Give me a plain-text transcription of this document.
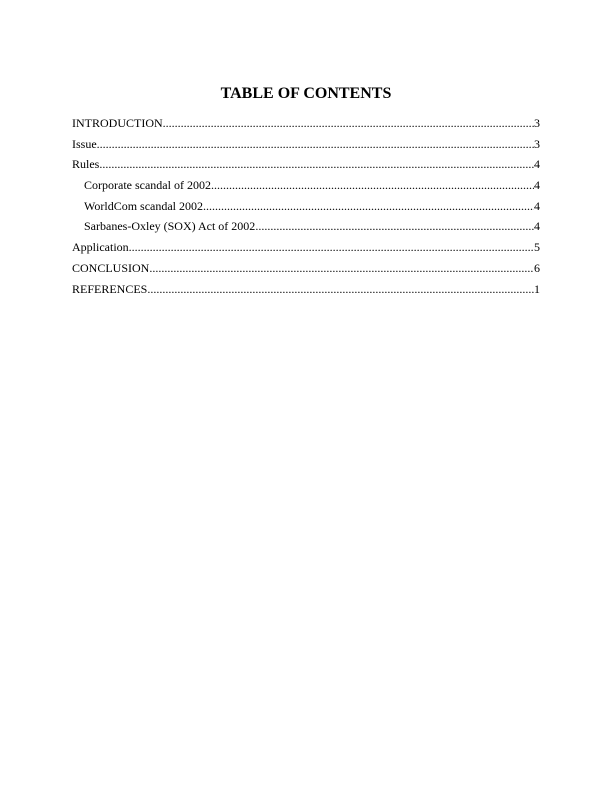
TABLE OF CONTENTS
INTRODUCTION .....	3
Issue .....	3
Rules .....	4
Corporate scandal of 2002 .....	4
WorldCom scandal 2002 .....	4
Sarbanes-Oxley (SOX) Act of 2002 .....	4
Application .....	5
CONCLUSION .....	6
REFERENCES .....	1
